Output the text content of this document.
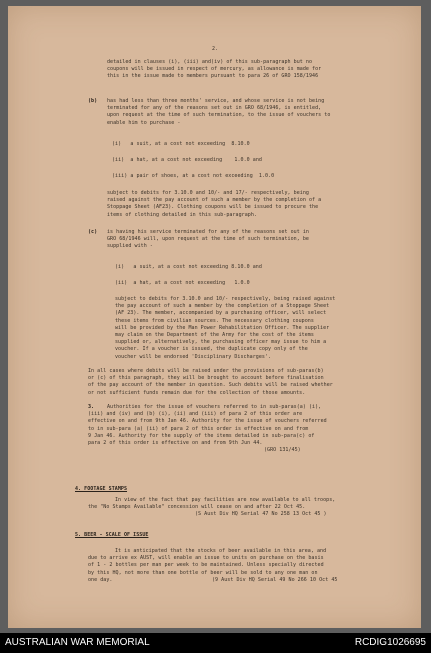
2.
detailed in clauses (i), (iii) and(iv) of this sub-paragraph but no
coupons will be issued in respect of mercury, as allowance is made for
this in the issue made to members pursuant to para 26 of GRO 158/1946
(b) has had less than three months' service, and whose service is not being
terminated for any of the reasons set out in GRO 68/1946, is entitled,
upon request at the time of such termination, to the issue of vouchers to
enable him to purchase -
(i)   a suit, at a cost not exceeding  8.10.0
(ii)  a hat, at a cost not exceeding    1.0.0 and
(iii) a pair of shoes, at a cost not exceeding  1.0.0
subject to debits for 3.10.0 and 10/- and 17/- respectively, being
raised against the pay account of such a member by the completion of a
Stoppage Sheet (AF23). Clothing coupons will be issued to procure the
items of clothing detailed in this sub-paragraph.
(c) is having his service terminated for any of the reasons set out in
GRO 68/1946 will, upon request at the time of such termination, be
supplied with -
(i)   a suit, at a cost not exceeding 8.10.0 and
(ii)  a hat, at a cost not exceeding   1.0.0
subject to debits for 3.10.0 and 10/- respectively, being raised against
the pay account of such a member by the completion of a Stoppage Sheet
(AF 23). The member, accompanied by a purchasing officer, will select
these items from civilian sources. The necessary clothing coupons
will be provided by the Man Power Rehabilitation Officer. The supplier
may claim on the Department of the Army for the cost of the items
supplied or, alternatively, the purchasing officer may issue to him a
voucher. If a voucher is issued, the duplicate copy only of the
voucher will be endorsed 'Disciplinary Discharges'.
In all cases where debits will be raised under the provisions of sub-paras(b)
or (c) of this paragraph, they will be brought to account before finalisation
of the pay account of the member in question. Such debits will be raised whether
or not sufficient funds remain due for the collection of those amounts.
3.	Authorities for the issue of vouchers referred to in sub-paras(a) (i),
(iii) and (iv) and (b) (i), (ii) and (iii) of para 2 of this order are
effective on and from 9th Jan 46. Authority for the issue of vouchers referred
to in sub-para (a) (ii) of para 2 of this order is effective on and from
9 Jan 46. Authority for the supply of the items detailed in sub-para(c) of
para 2 of this order is effective on and from 9th Jun 44.
(GRO 131/45)
4. FOOTAGE STAMPS
In view of the fact that pay facilities are now available to all troops,
the "No Stamps Available" concession will cease on and after 22 Oct 45.
(S Aust Div HQ Serial 47 No 258 13 Oct 45 )
5. BEER - SCALE OF ISSUE
It is anticipated that the stocks of beer available in this area, and
due to arrive ex AUST, will enable an issue to units on purchase on the basis
of 1 - 2 bottles per man per week to be maintained. Unless specially directed
by this HQ, not more than one bottle of beer will be sold to any one man on
one day.	(9 Aust Div HQ Serial 49 No 266 10 Oct 45
AUSTRALIAN WAR MEMORIAL	RCDIG1026695
